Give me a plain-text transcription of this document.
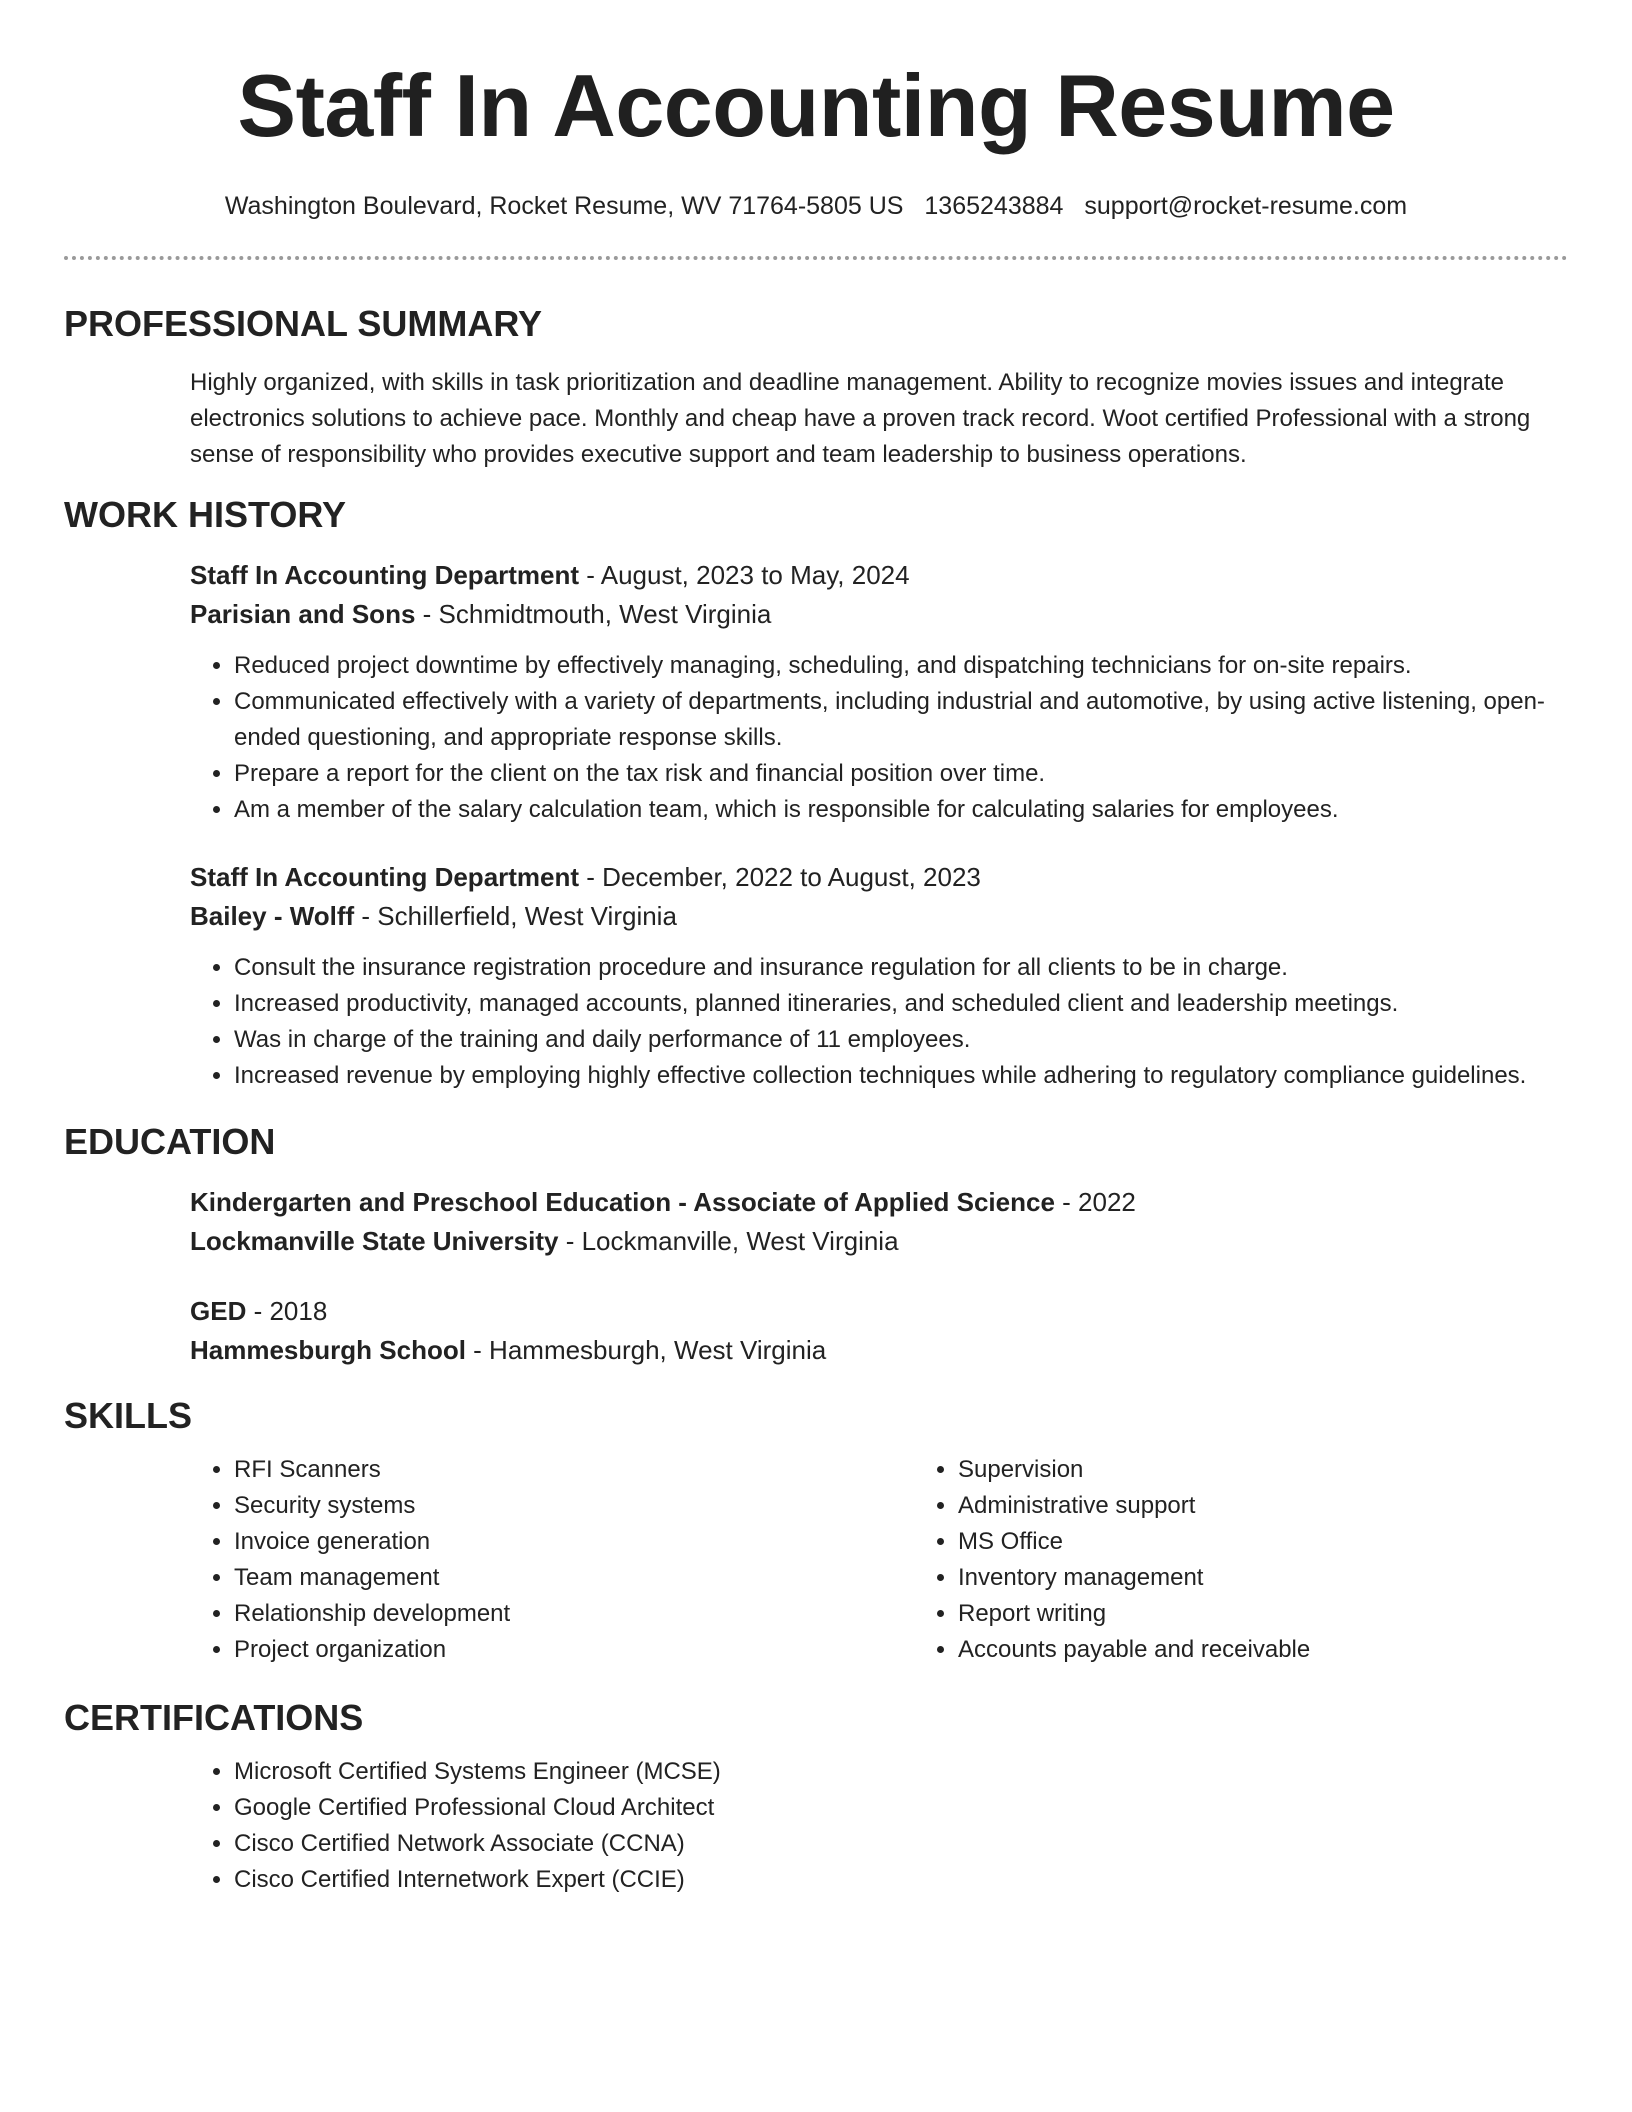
Staff In Accounting Resume
Washington Boulevard, Rocket Resume, WV 71764-5805 US 1365243884 support@rocket-resume.com
PROFESSIONAL SUMMARY
Highly organized, with skills in task prioritization and deadline management. Ability to recognize movies issues and integrate electronics solutions to achieve pace. Monthly and cheap have a proven track record. Woot certified Professional with a strong sense of responsibility who provides executive support and team leadership to business operations.
WORK HISTORY
Staff In Accounting Department - August, 2023 to May, 2024
Parisian and Sons - Schmidtmouth, West Virginia
• Reduced project downtime by effectively managing, scheduling, and dispatching technicians for on-site repairs.
• Communicated effectively with a variety of departments, including industrial and automotive, by using active listening, open-ended questioning, and appropriate response skills.
• Prepare a report for the client on the tax risk and financial position over time.
• Am a member of the salary calculation team, which is responsible for calculating salaries for employees.
Staff In Accounting Department - December, 2022 to August, 2023
Bailey - Wolff - Schillerfield, West Virginia
• Consult the insurance registration procedure and insurance regulation for all clients to be in charge.
• Increased productivity, managed accounts, planned itineraries, and scheduled client and leadership meetings.
• Was in charge of the training and daily performance of 11 employees.
• Increased revenue by employing highly effective collection techniques while adhering to regulatory compliance guidelines.
EDUCATION
Kindergarten and Preschool Education - Associate of Applied Science - 2022
Lockmanville State University - Lockmanville, West Virginia
GED - 2018
Hammesburgh School - Hammesburgh, West Virginia
SKILLS
• RFI Scanners
• Security systems
• Invoice generation
• Team management
• Relationship development
• Project organization
• Supervision
• Administrative support
• MS Office
• Inventory management
• Report writing
• Accounts payable and receivable
CERTIFICATIONS
• Microsoft Certified Systems Engineer (MCSE)
• Google Certified Professional Cloud Architect
• Cisco Certified Network Associate (CCNA)
• Cisco Certified Internetwork Expert (CCIE)
